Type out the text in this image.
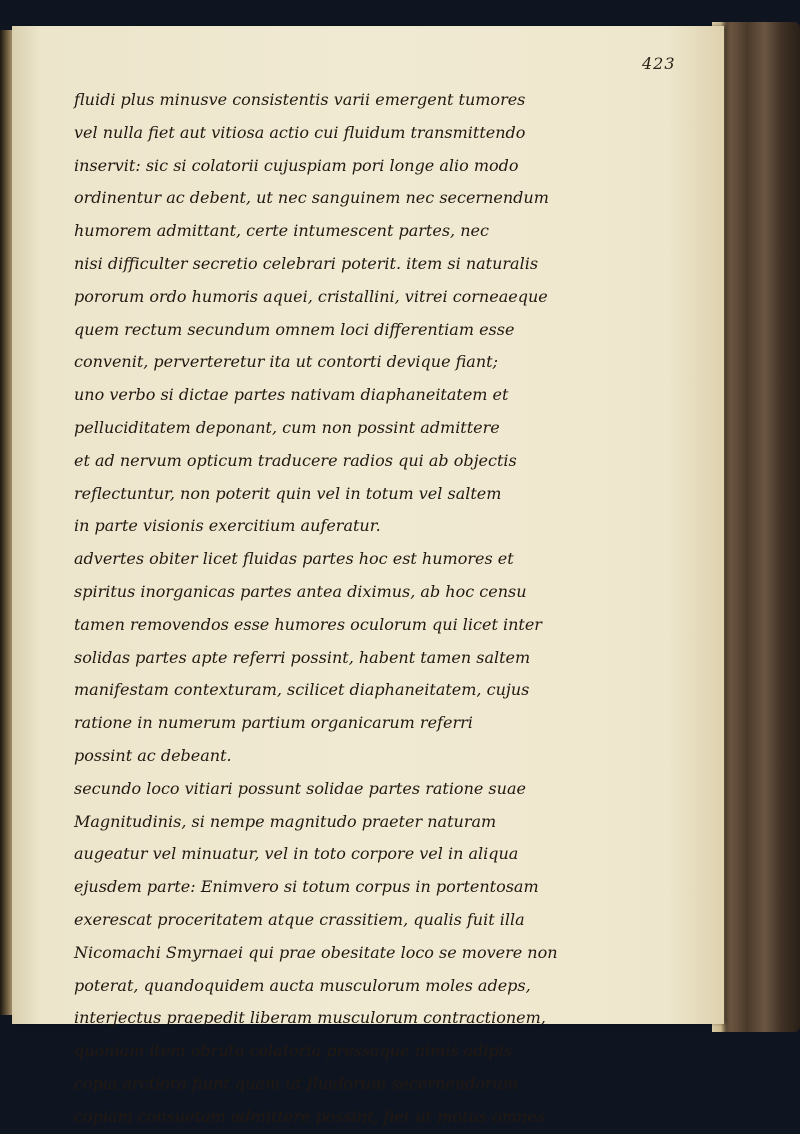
423
fluidi plus minusve consistentis varii emergent tumores
vel nulla fiet aut vitiosa actio cui fluidum transmittendo
inservit: sic si colatorii cujuspiam pori longe alio modo
ordinentur ac debent, ut nec sanguinem nec secernendum
humorem admittant, certe intumescent partes, nec
nisi difficulter secretio celebrari poterit. item si naturalis
pororum ordo humoris aquei, cristallini, vitrei corneaeque
quem rectum secundum omnem loci differentiam esse
convenit, perverteretur ita ut contorti devique fiant;
uno verbo si dictae partes nativam diaphaneitatem et
pelluciditatem deponant, cum non possint admittere
et ad nervum opticum traducere radios qui ab objectis
reflectuntur, non poterit quin vel in totum vel saltem
in parte visionis exercitium auferatur.
advertes obiter licet fluidas partes hoc est humores et
spiritus inorganicas partes antea diximus, ab hoc censu
tamen removendos esse humores oculorum qui licet inter
solidas partes apte referri possint, habent tamen saltem
manifestam contexturam, scilicet diaphaneitatem, cujus
ratione in numerum partium organicarum referri
possint ac debeant.
secundo loco vitiari possunt solidae partes ratione suae
Magnitudinis, si nempe magnitudo praeter naturam
augeatur vel minuatur, vel in toto corpore vel in aliqua
ejusdem parte: Enimvero si totum corpus in portentosam
exerescat proceritatem atque crassitiem, qualis fuit illa
Nicomachi Smyrnaei qui prae obesitate loco se movere non
poterat, quandoquidem aucta musculorum moles adeps,
interjectus praepedit liberam musculorum contractionem,
quoniam item obruta colatoria pressaque nimis adipis
copia arctiora fiunt quam ut fluidorum secernendorum
copiam consuetam admittere possint, fiet ut motus omnes
